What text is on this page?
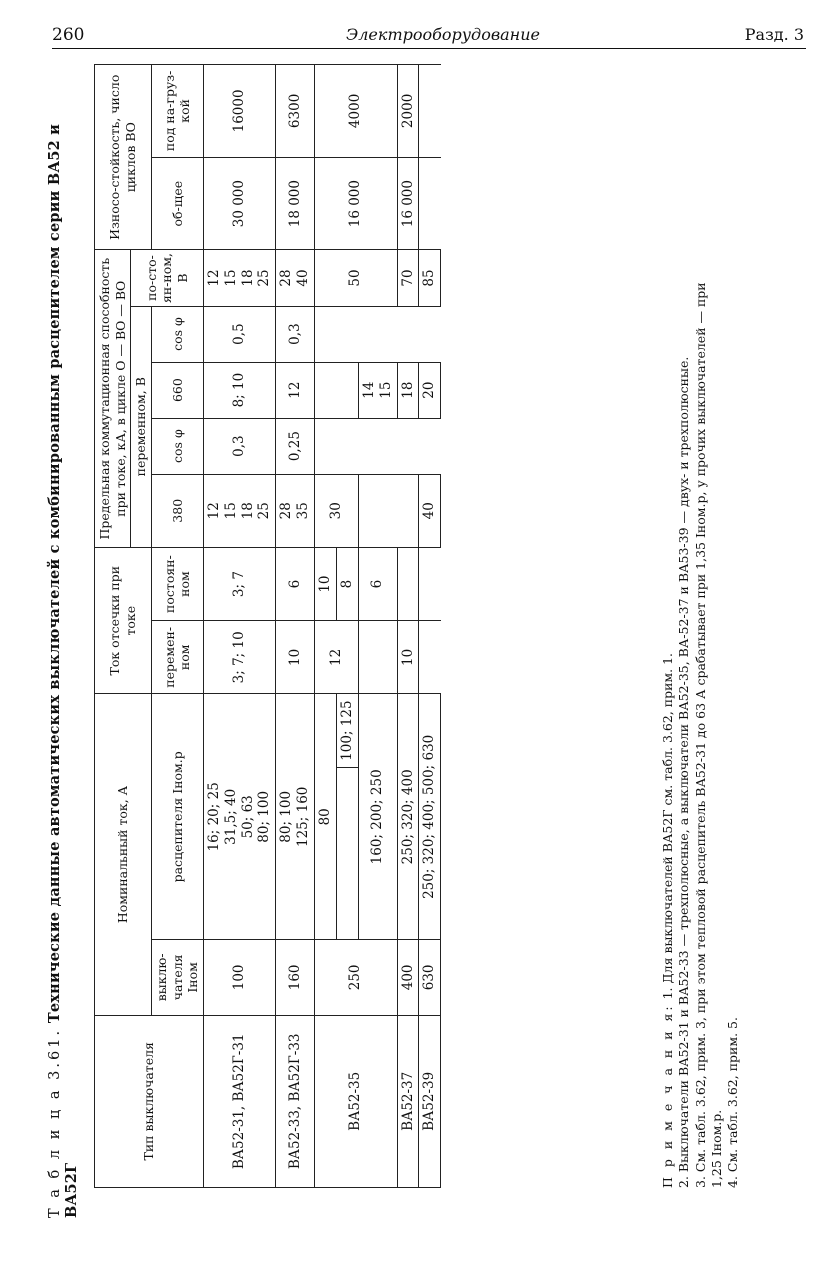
260	Электрооборудование	Разд. 3
Т а б л и ц а 3.61. Технические данные автоматических выключателей с комбинированным расцепителем серии ВА52 и ВА52Г
Тип выключателя	Номинальный ток, А			Ток отсечки при токе		Предельная коммутационная способность при токе, кА, в цикле О — ВО — ВО					Износо-стойкость, число циклов ВО	
						переменном, В				по-сто-ян-ном, В		
	выклю-чателя Iном	расцепителя Iном.р		перемен-ном	постоян-ном	380	cos φ	660	cos φ		об-щее	под на-груз-кой

ВА52-31, ВА52Г-31	100	16; 20; 25 31,5; 40 50; 63 80; 100		3; 7; 10	3; 7	12 15 18 25	0,3	8; 10	0,5	12 15 18 25	30 000	16000
ВА52-33, ВА52Г-33	160	80; 100 125; 160		10	6	28 35	0,25	12	0,3	28 40	18 000	6300
ВА52-35	250	80		12	10	30				50	16 000	4000
			100; 125		8							
		160; 200; 250			6			14 15				

ВА52-37	400	250; 320; 400		10				18		70	16 000	2000
ВА52-39	630	250; 320; 400; 500; 630				40		20		85		

П р и м е ч а н и я: 1. Для выключателей ВА52Г см. табл. 3.62, прим. 1. 2. Выключатели ВА52-31 и ВА52-33 — трехполюсные, а выключатели ВА52-35, ВА-52-37 и ВА53-39 — двух- и трехполюсные. 3. См. табл. 3.62, прим. 3, при этом тепловой расцепитель ВА52-31 до 63 А срабатывает при 1,35 Iном.р, у прочих выключателей — при 1,25 Iном.р. 4. См. табл. 3.62, прим. 5.
